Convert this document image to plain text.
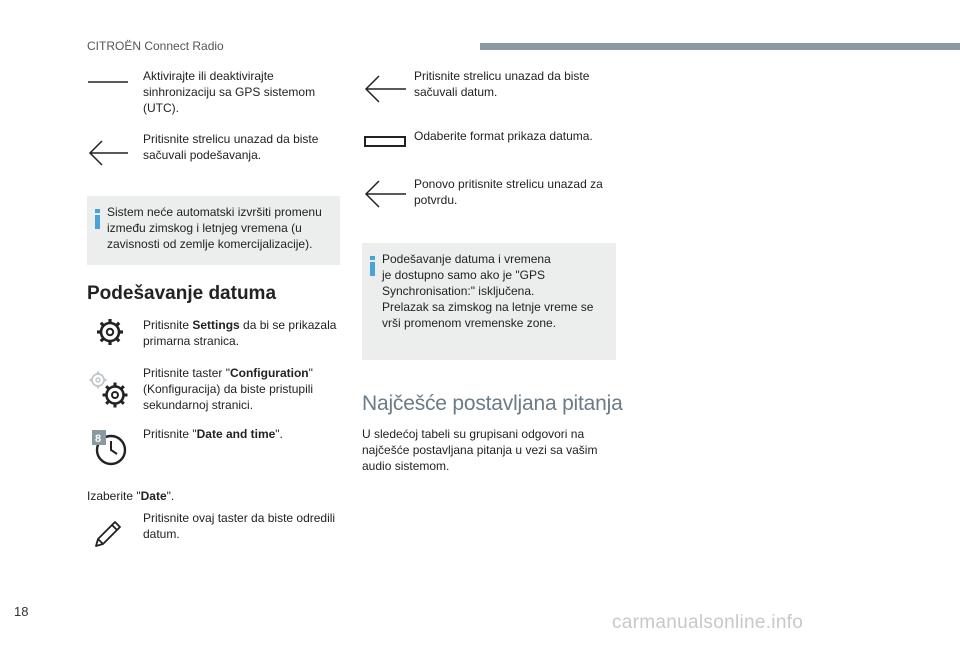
CITROËN Connect Radio
Aktivirajte ili deaktivirajte sinhronizaciju sa GPS sistemom (UTC).
Pritisnite strelicu unazad da biste sačuvali podešavanja.
Sistem neće automatski izvršiti promenu između zimskog i letnjeg vremena (u zavisnosti od zemlje komercijalizacije).
Podešavanje datuma
Pritisnite Settings da bi se prikazala primarna stranica.
Pritisnite taster "Configuration" (Konfiguracija) da biste pristupili sekundarnoj stranici.
8	Pritisnite "Date and time".
Izaberite "Date".
Pritisnite ovaj taster da biste odredili datum.
Pritisnite strelicu unazad da biste sačuvali datum.
Odaberite format prikaza datuma.
Ponovo pritisnite strelicu unazad za potvrdu.
Podešavanje datuma i vremena
je dostupno samo ako je "GPS
Synchronisation:" isključena.
Prelazak sa zimskog na letnje vreme se
vrši promenom vremenske zone.
Najčešće postavljana pitanja
U sledećoj tabeli su grupisani odgovori na najčešće postavljana pitanja u vezi sa vašim audio sistemom.
18
carmanualsonline.info
